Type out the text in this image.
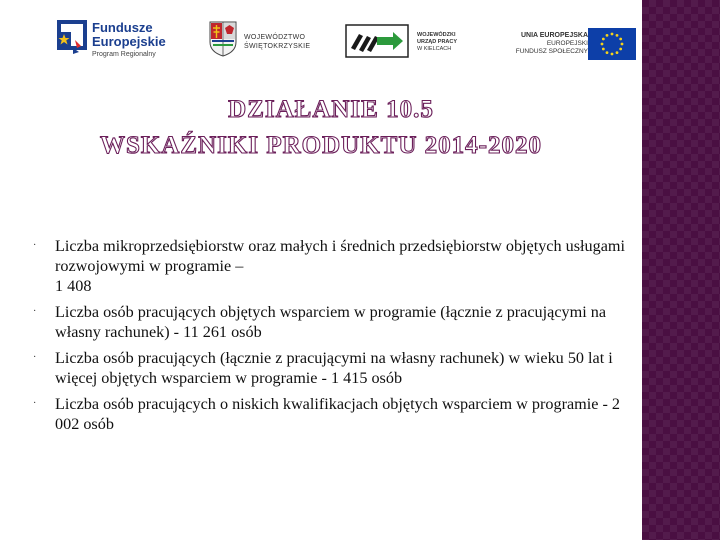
Fundusze
Europejskie
Program Regionalny
WOJEWÓDZTWO
ŚWIĘTOKRZYSKIE
WOJEWÓDZKI
URZĄD PRACY
W KIELCACH
UNIA EUROPEJSKA
EUROPEJSKI
FUNDUSZ SPOŁECZNY
DZIAŁANIE 10.5
WSKAŹNIKI PRODUKTU 2014-2020
· Liczba mikroprzedsiębiorstw oraz małych i średnich przedsiębiorstw objętych usługami rozwojowymi w programie –
1 408
· Liczba osób pracujących objętych wsparciem w programie (łącznie z pracującymi na własny rachunek) - 11 261 osób
· Liczba osób pracujących (łącznie z pracującymi na własny rachunek) w wieku 50 lat i więcej objętych wsparciem w programie - 1 415 osób
· Liczba osób pracujących o niskich kwalifikacjach objętych wsparciem w programie - 2 002 osób
